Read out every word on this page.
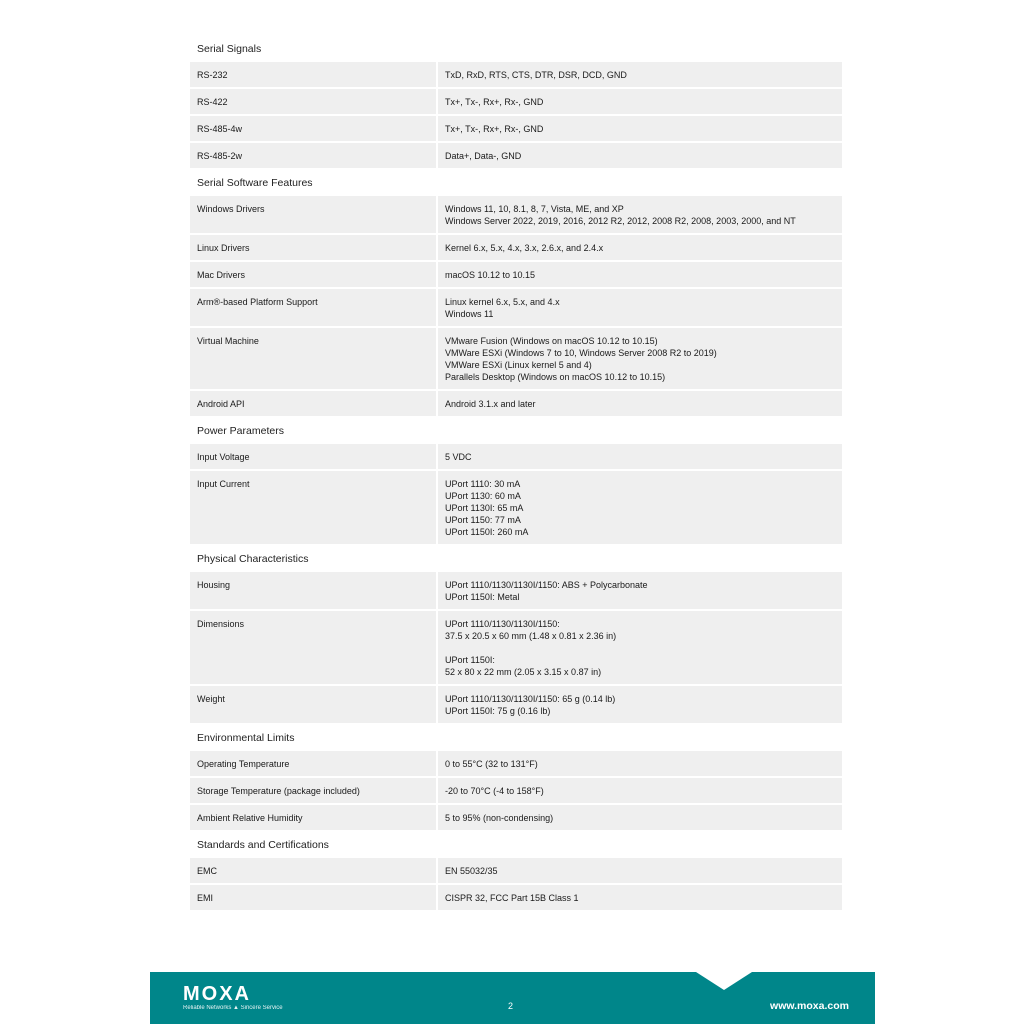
Serial Signals
RS-232	TxD, RxD, RTS, CTS, DTR, DSR, DCD, GND
RS-422	Tx+, Tx-, Rx+, Rx-, GND
RS-485-4w	Tx+, Tx-, Rx+, Rx-, GND
RS-485-2w	Data+, Data-, GND
Serial Software Features
Windows Drivers	Windows 11, 10, 8.1, 8, 7, Vista, ME, and XP
Windows Server 2022, 2019, 2016, 2012 R2, 2012, 2008 R2, 2008, 2003, 2000, and NT
Linux Drivers	Kernel 6.x, 5.x, 4.x, 3.x, 2.6.x, and 2.4.x
Mac Drivers	macOS 10.12 to 10.15
Arm®-based Platform Support	Linux kernel 6.x, 5.x, and 4.x
Windows 11
Virtual Machine	VMware Fusion (Windows on macOS 10.12 to 10.15)
VMWare ESXi (Windows 7 to 10, Windows Server 2008 R2 to 2019)
VMWare ESXi (Linux kernel 5 and 4)
Parallels Desktop (Windows on macOS 10.12 to 10.15)
Android API	Android 3.1.x and later
Power Parameters
Input Voltage	5 VDC
Input Current	UPort 1110: 30 mA
UPort 1130: 60 mA
UPort 1130I: 65 mA
UPort 1150: 77 mA
UPort 1150I: 260 mA
Physical Characteristics
Housing	UPort 1110/1130/1130I/1150: ABS + Polycarbonate
UPort 1150I: Metal
Dimensions	UPort 1110/1130/1130I/1150:
37.5 x 20.5 x 60 mm (1.48 x 0.81 x 2.36 in)
UPort 1150I:
52 x 80 x 22 mm (2.05 x 3.15 x 0.87 in)
Weight	UPort 1110/1130/1130I/1150: 65 g (0.14 lb)
UPort 1150I: 75 g (0.16 lb)
Environmental Limits
Operating Temperature	0 to 55°C (32 to 131°F)
Storage Temperature (package included)	-20 to 70°C (-4 to 158°F)
Ambient Relative Humidity	5 to 95% (non-condensing)
Standards and Certifications
EMC	EN 55032/35
EMI	CISPR 32, FCC Part 15B Class 1
MOXA
Reliable Networks ▲ Sincere Service	2	www.moxa.com
